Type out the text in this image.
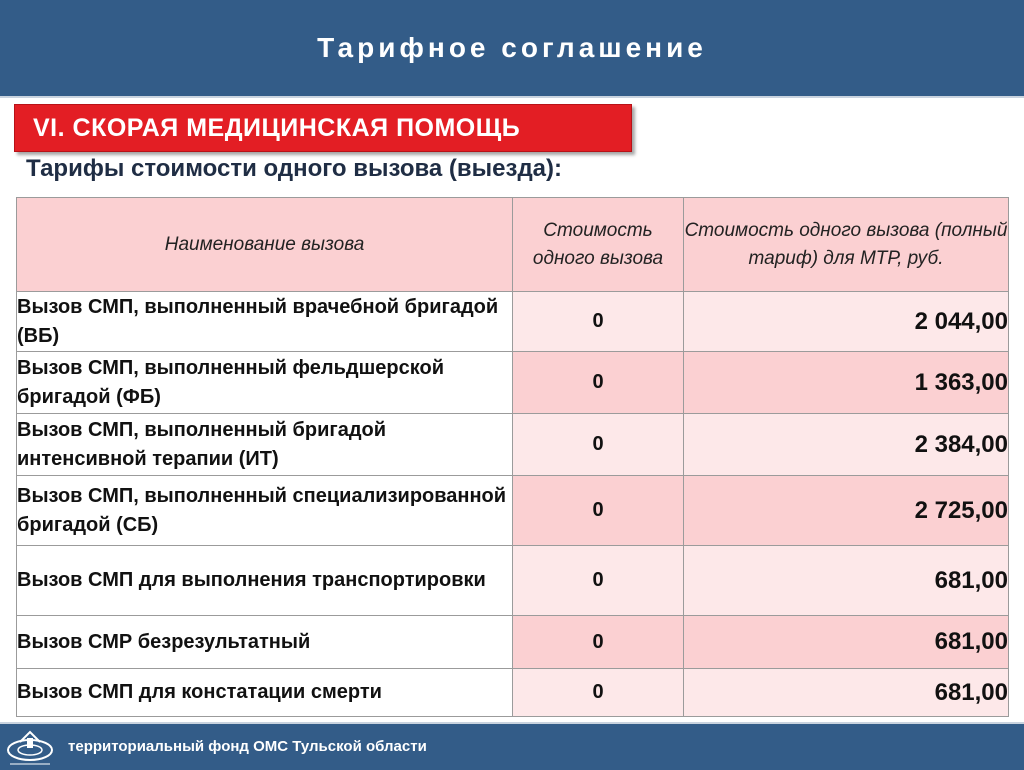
Тарифное соглашение
VI. СКОРАЯ МЕДИЦИНСКАЯ ПОМОЩЬ
Тарифы стоимости одного вызова (выезда):
Наименование вызова	Стоимость одного вызова	Стоимость одного вызова (полный тариф) для МТР, руб.
Вызов СМП, выполненный врачебной бригадой (ВБ)	0	2 044,00
Вызов СМП, выполненный фельдшерской бригадой (ФБ)	0	1 363,00
Вызов СМП, выполненный бригадой интенсивной терапии (ИТ)	0	2 384,00
Вызов СМП, выполненный специализированной бригадой (СБ)	0	2 725,00
Вызов СМП для выполнения транспортировки	0	681,00
Вызов СМР безрезультатный	0	681,00
Вызов СМП для констатации смерти	0	681,00
территориальный фонд ОМС Тульской области
